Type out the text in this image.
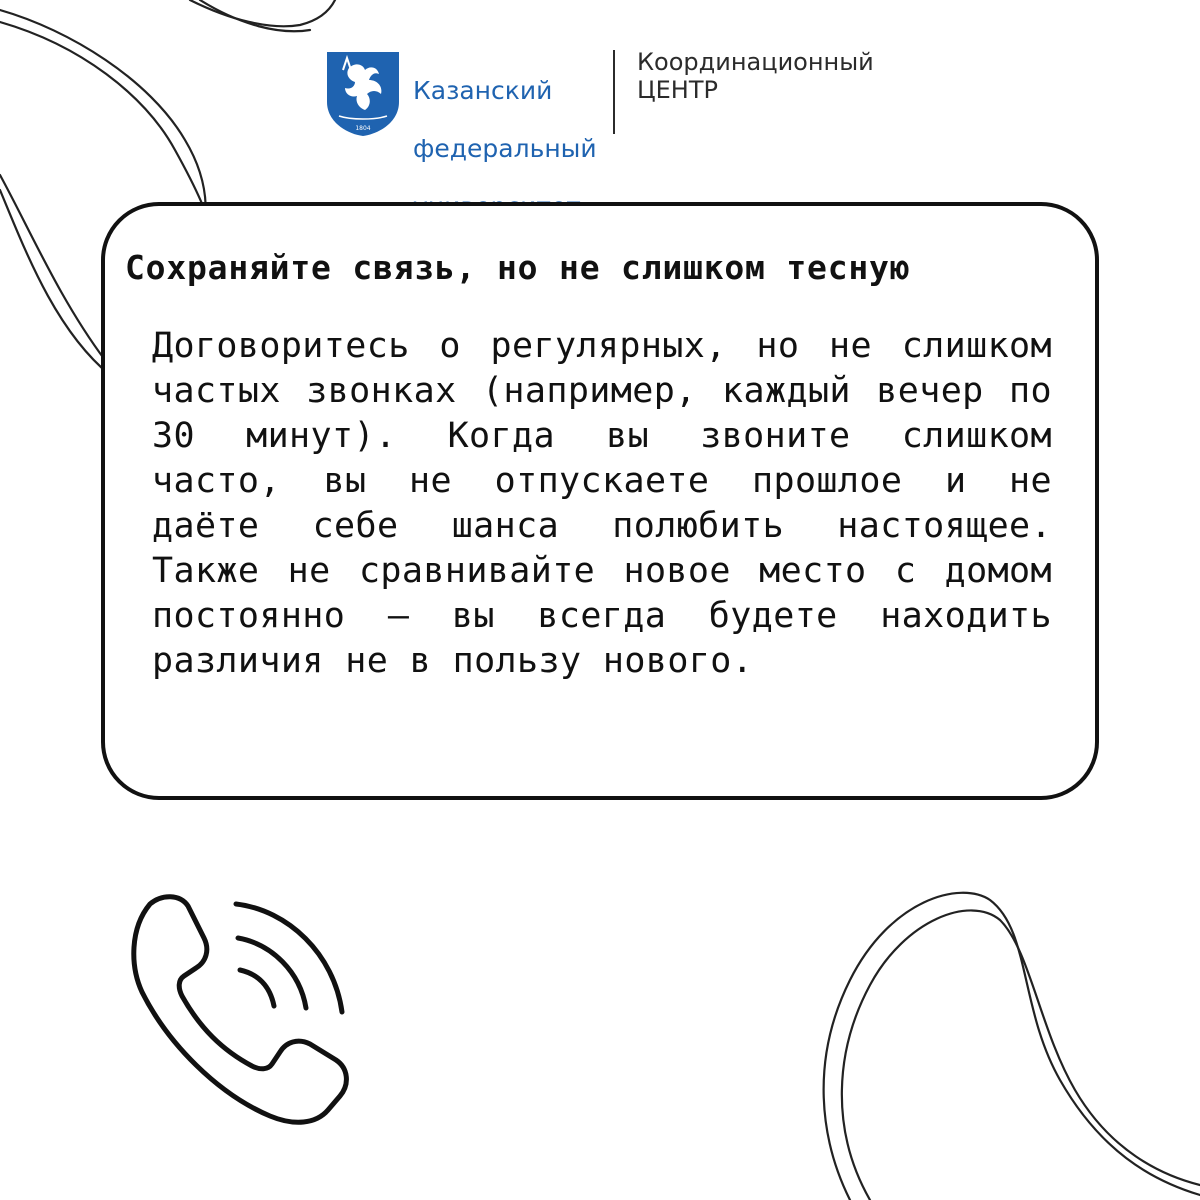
1804

Казанский

федеральный

Координационный
ЦЕНТР
Сохраняйте связь, но не слишком тесную

Договоритесь о регулярных, но не слишком частых звонках (например, каждый вечер по 30 минут). Когда вы звоните слишком часто, вы не отпускаете прошлое и не даёте себе шанса полюбить настоящее. Также не сравнивайте новое место с домом постоянно – вы всегда будете находить различия не в пользу нового.
